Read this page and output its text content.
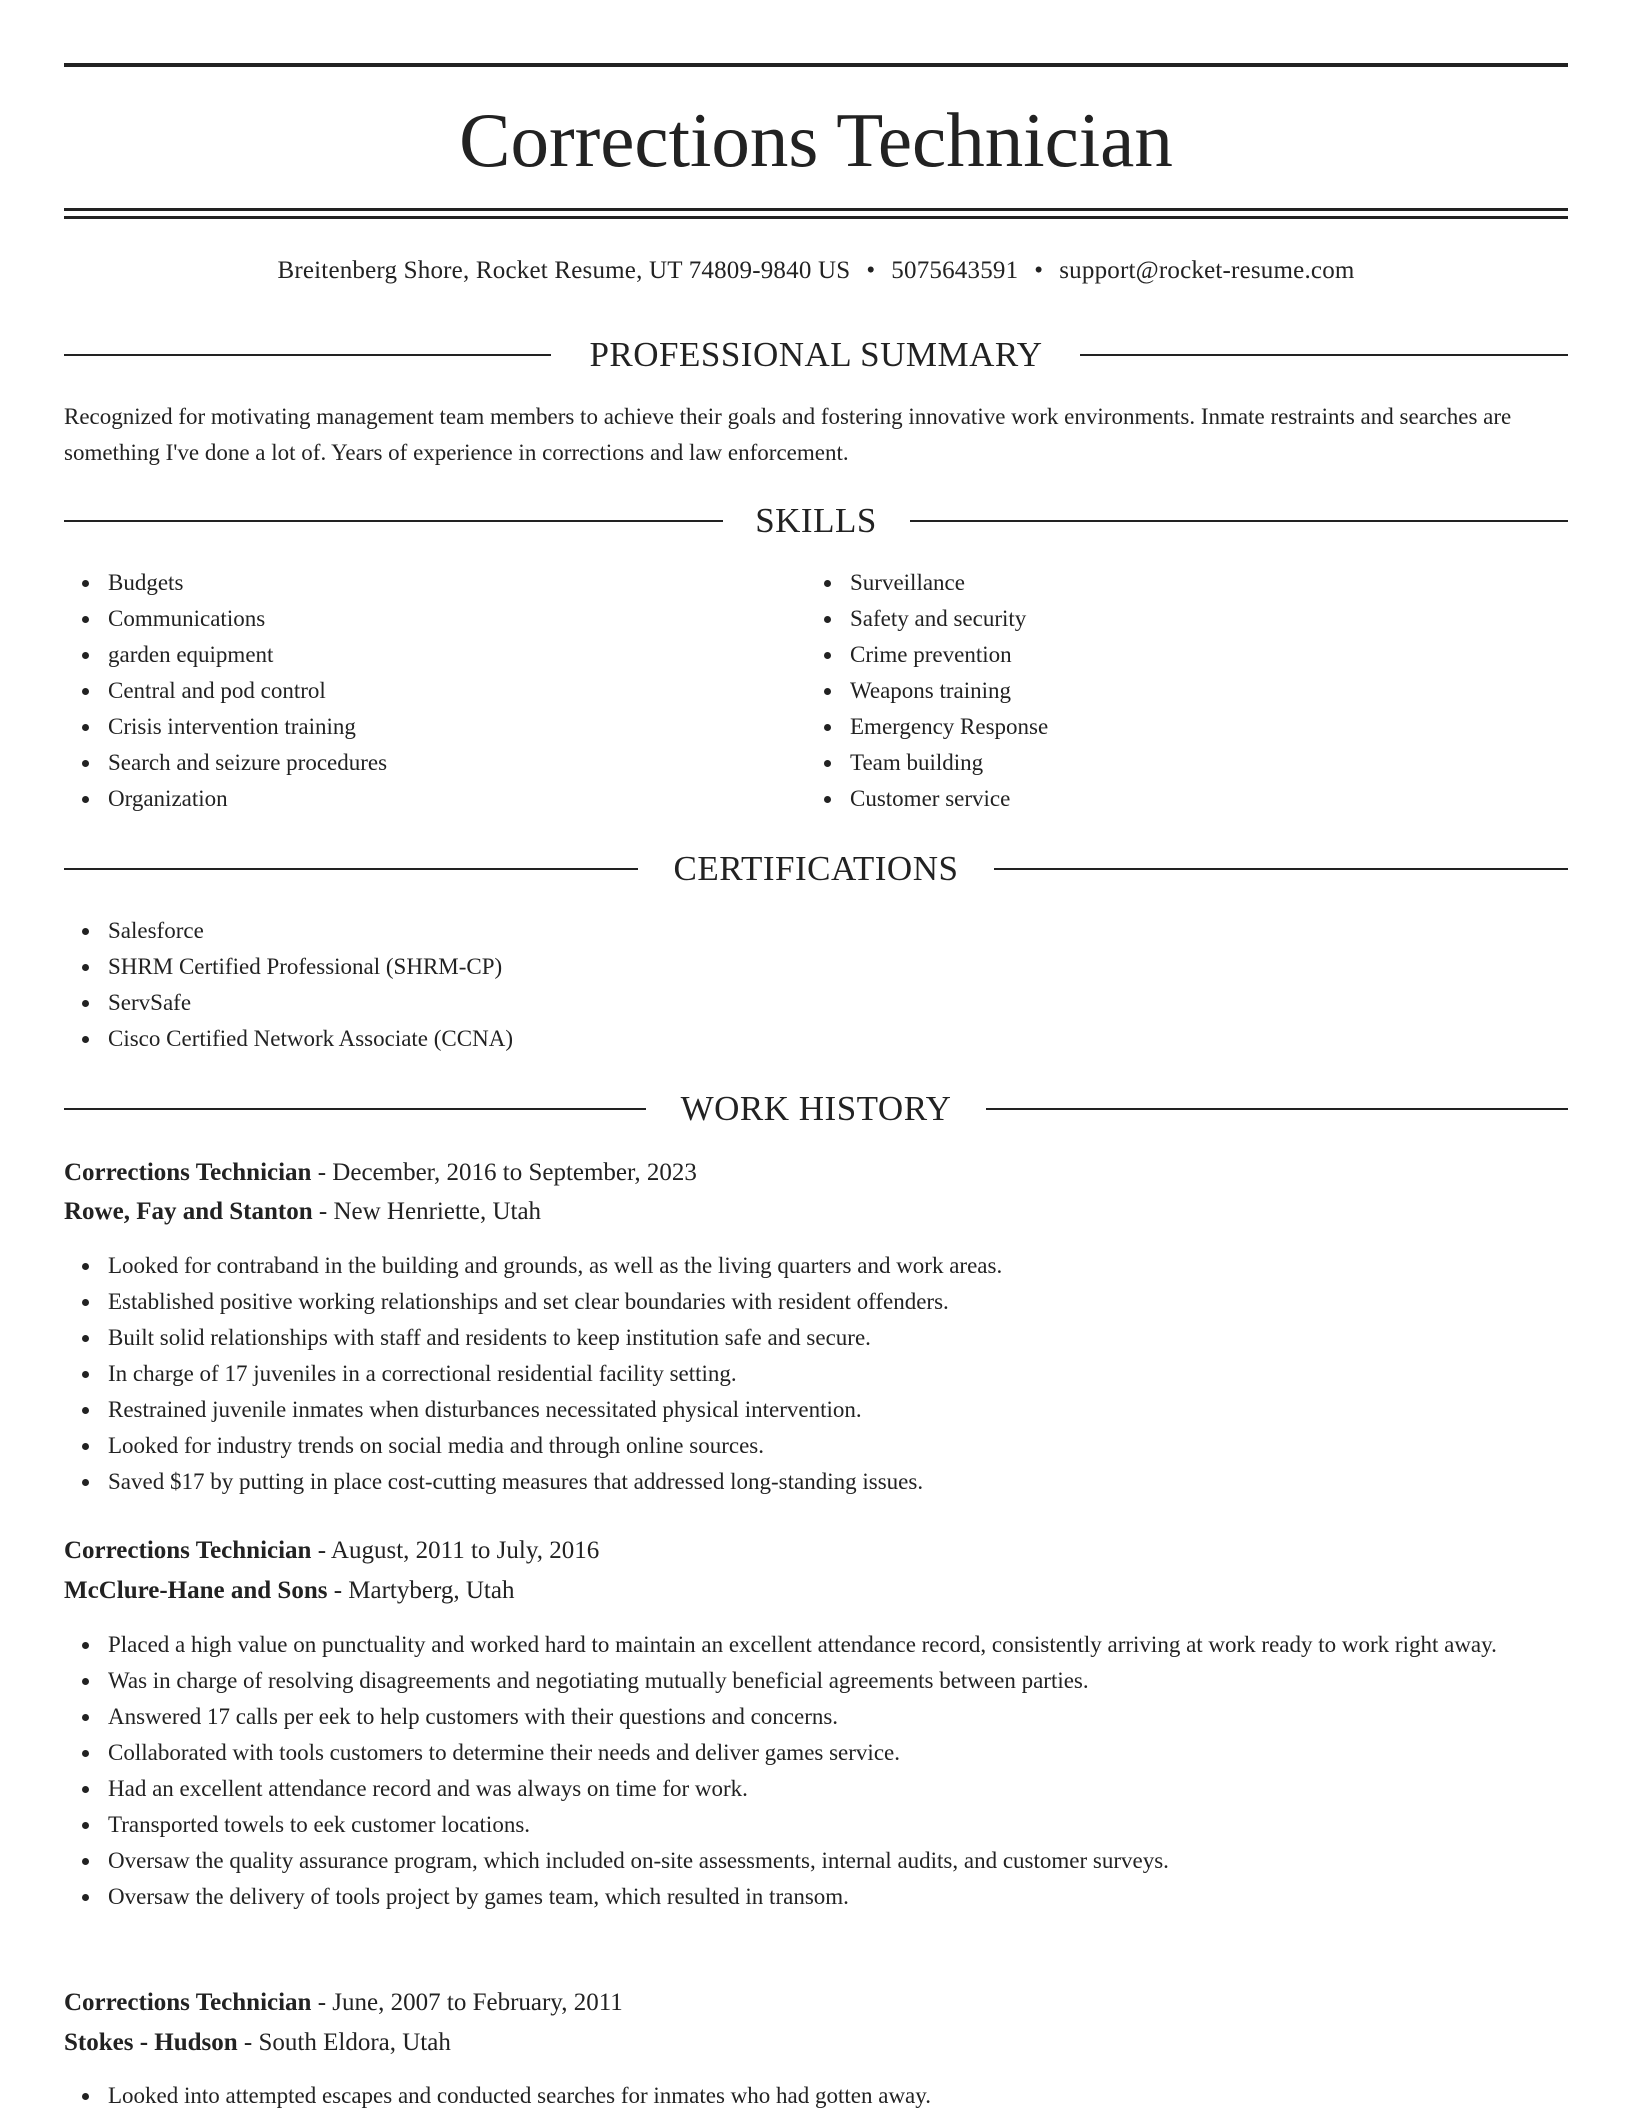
Corrections Technician
Breitenberg Shore, Rocket Resume, UT 74809-9840 US • 5075643591 • support@rocket-resume.com
PROFESSIONAL SUMMARY

Recognized for motivating management team members to achieve their goals and fostering innovative work environments. Inmate restraints and searches are something I've done a lot of. Years of experience in corrections and law enforcement.

SKILLS
Budgets
Communications
garden equipment
Central and pod control
Crisis intervention training
Search and seizure procedures
Organization
Surveillance
Safety and security
Crime prevention
Weapons training
Emergency Response
Team building
Customer service
CERTIFICATIONS
Salesforce
SHRM Certified Professional (SHRM-CP)
ServSafe
Cisco Certified Network Associate (CCNA)
WORK HISTORY
Corrections Technician - December, 2016 to September, 2023
Rowe, Fay and Stanton - New Henriette, Utah
Looked for contraband in the building and grounds, as well as the living quarters and work areas.
Established positive working relationships and set clear boundaries with resident offenders.
Built solid relationships with staff and residents to keep institution safe and secure.
In charge of 17 juveniles in a correctional residential facility setting.
Restrained juvenile inmates when disturbances necessitated physical intervention.
Looked for industry trends on social media and through online sources.
Saved $17 by putting in place cost-cutting measures that addressed long-standing issues.
Corrections Technician - August, 2011 to July, 2016
McClure-Hane and Sons - Martyberg, Utah
Placed a high value on punctuality and worked hard to maintain an excellent attendance record, consistently arriving at work ready to work right away.
Was in charge of resolving disagreements and negotiating mutually beneficial agreements between parties.
Answered 17 calls per eek to help customers with their questions and concerns.
Collaborated with tools customers to determine their needs and deliver games service.
Had an excellent attendance record and was always on time for work.
Transported towels to eek customer locations.
Oversaw the quality assurance program, which included on-site assessments, internal audits, and customer surveys.
Oversaw the delivery of tools project by games team, which resulted in transom.
Corrections Technician - June, 2007 to February, 2011
Stokes - Hudson - South Eldora, Utah
Looked into attempted escapes and conducted searches for inmates who had gotten away.
